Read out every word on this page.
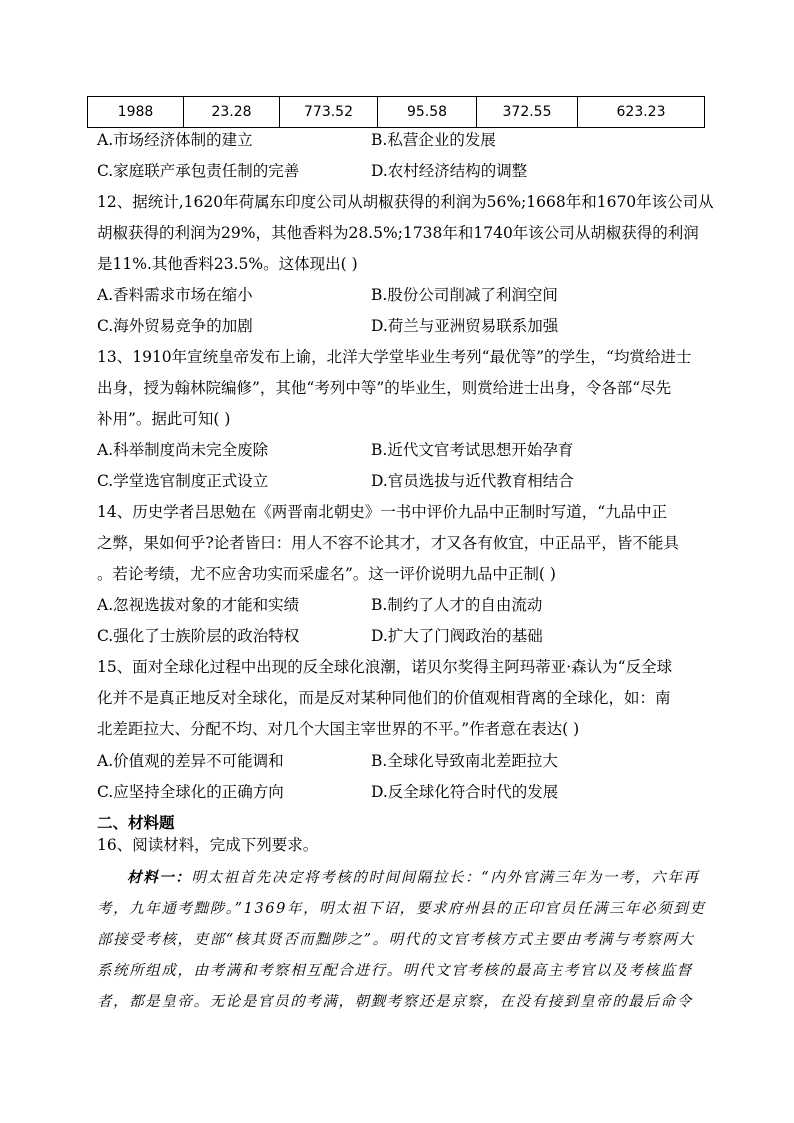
1988	23.28	773.52	95.58	372.55	623.23
A.市场经济体制的建立	B.私营企业的发展
C.家庭联产承包责任制的完善	D.农村经济结构的调整
12、据统计,1620年荷属东印度公司从胡椒获得的利润为56%;1668年和1670年该公司从
胡椒获得的利润为29%，其他香料为28.5%;1738年和1740年该公司从胡椒获得的利润
是11%.其他香料23.5%。这体现出( )
A.香料需求市场在缩小	B.股份公司削减了利润空间
C.海外贸易竞争的加剧	D.荷兰与亚洲贸易联系加强
13、1910年宣统皇帝发布上谕，北洋大学堂毕业生考列“最优等”的学生，“均赏给进士
出身，授为翰林院编修”，其他“考列中等”的毕业生，则赏给进士出身，令各部“尽先
补用”。据此可知( )
A.科举制度尚未完全废除	B.近代文官考试思想开始孕育
C.学堂选官制度正式设立	D.官员选拔与近代教育相结合
14、历史学者吕思勉在《两晋南北朝史》一书中评价九品中正制时写道，“九品中正
之弊，果如何乎?论者皆曰：用人不容不论其才，才又各有攸宜，中正品平，皆不能具
。若论考绩，尤不应舍功实而采虚名”。这一评价说明九品中正制( )
A.忽视选拔对象的才能和实绩	B.制约了人才的自由流动
C.强化了士族阶层的政治特权	D.扩大了门阀政治的基础
15、面对全球化过程中出现的反全球化浪潮，诺贝尔奖得主阿玛蒂亚·森认为“反全球
化并不是真正地反对全球化，而是反对某种同他们的价值观相背离的全球化，如：南
北差距拉大、分配不均、对几个大国主宰世界的不平。”作者意在表达( )
A.价值观的差异不可能调和	B.全球化导致南北差距拉大
C.应坚持全球化的正确方向	D.反全球化符合时代的发展
二、材料题
16、阅读材料，完成下列要求。
材料一：明太祖首先决定将考核的时间间隔拉长：“内外官满三年为一考，六年再
考，九年通考黜陟。”1369年，明太祖下诏，要求府州县的正印官员任满三年必须到吏
部接受考核，吏部“核其贤否而黜陟之”。明代的文官考核方式主要由考满与考察两大
系统所组成，由考满和考察相互配合进行。明代文官考核的最高主考官以及考核监督
者，都是皇帝。无论是官员的考满，朝觐考察还是京察，在没有接到皇帝的最后命令
